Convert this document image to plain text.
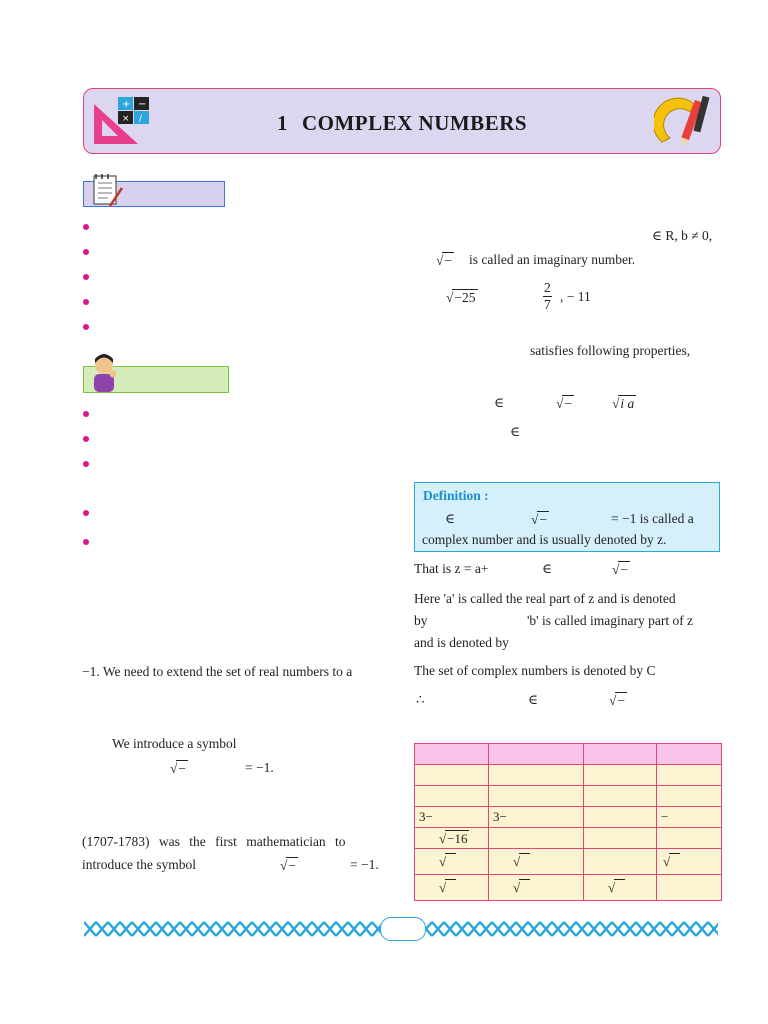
1 COMPLEX NUMBERS
+ −
× /
−1. We need to extend the set of real numbers to a
We introduce a symbol
√−	= −1.
(1707-1783) was the first mathematician to
introduce the symbol	√−	= −1.
∈ R, b ≠ 0,
√− is called an imaginary number.
√−25
2
7
, − 11
satisfies following properties,
∈	√−	√i a
∈
Definition :
∈	√−	= −1 is called a
complex number and is usually denoted by z.
That is z = a+	∈	√−
Here 'a' is called the real part of z and is denoted
by	'b' is called imaginary part of z
and is denoted by
The set of complex numbers is denoted by C
∴	∈	√−

3−	3−		−
√−16			
√	√		√
√	√	√	
